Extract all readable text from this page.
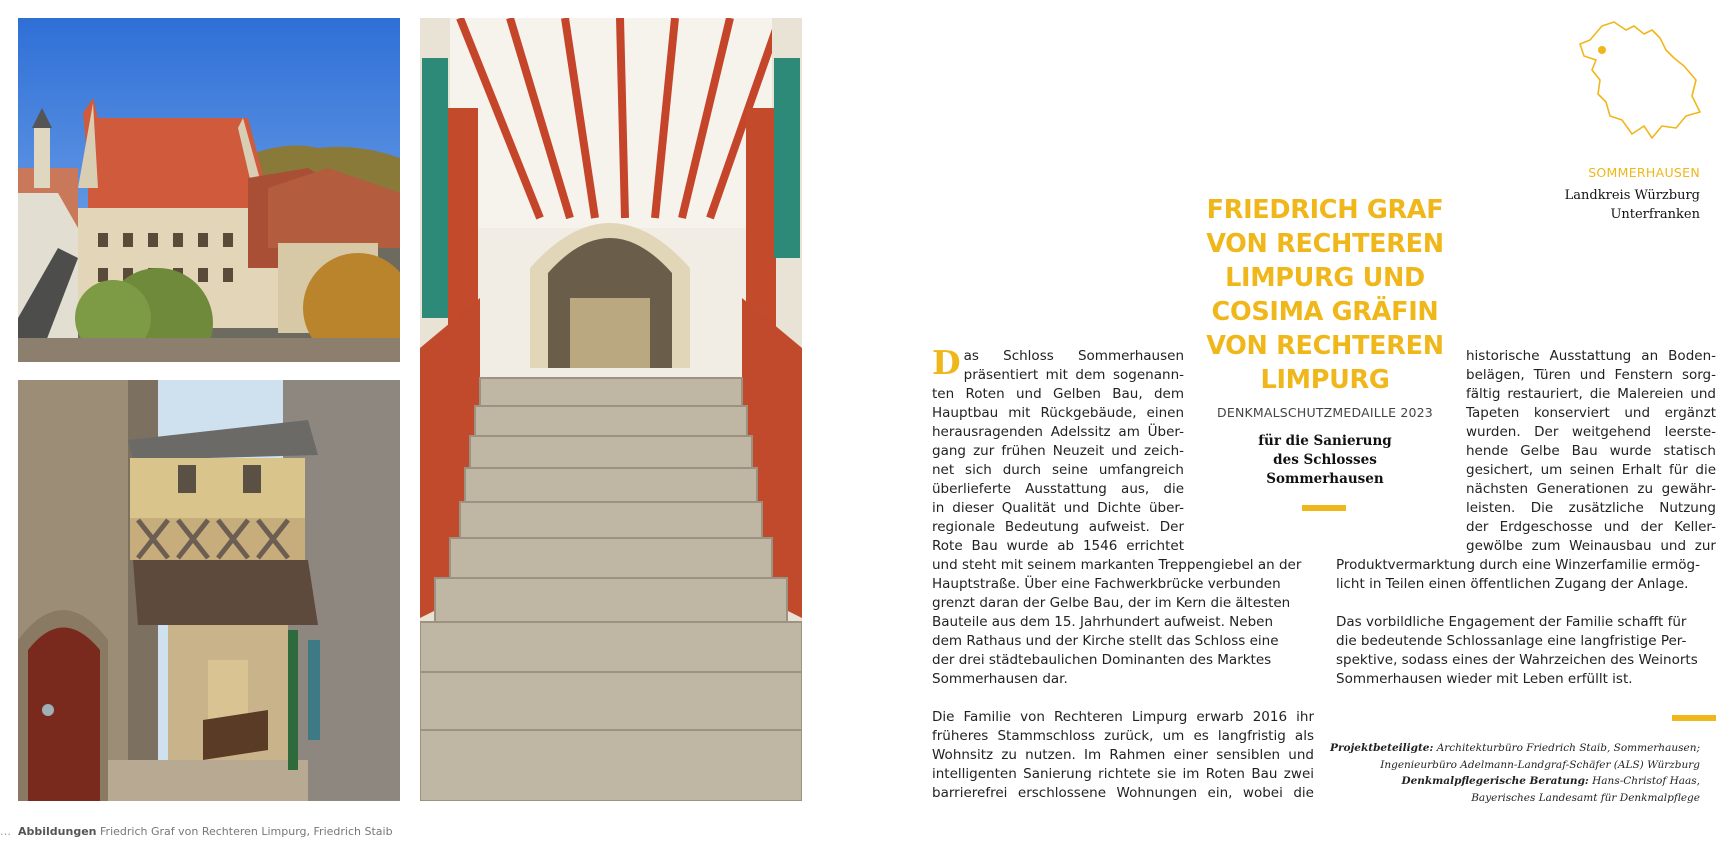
… Abbildungen Friedrich Graf von Rechteren Limpurg, Friedrich Staib
SOMMERHAUSEN
Landkreis Würzburg
Unterfranken
FRIEDRICH GRAF
VON RECHTEREN
LIMPURG UND
COSIMA GRÄFIN
VON RECHTEREN
LIMPURG
DENKMALSCHUTZMEDAILLE 2023
für die Sanierung
des Schlosses
Sommerhausen
D as Schloss Sommerhausen
präsentiert mit dem sogenann-
ten Roten und Gelben Bau, dem
Hauptbau mit Rückgebäude, einen
herausragenden Adelssitz am Über-
gang zur frühen Neuzeit und zeich-
net sich durch seine umfangreich
überlieferte Ausstattung aus, die
in dieser Qualität und Dichte über-
regionale Bedeutung aufweist. Der
Rote Bau wurde ab 1546 errichtet
und steht mit seinem markanten Treppengiebel an der
Hauptstraße. Über eine Fachwerkbrücke verbunden
grenzt daran der Gelbe Bau, der im Kern die ältesten
Bauteile aus dem 15. Jahrhundert aufweist. Neben
dem Rathaus und der Kirche stellt das Schloss eine
der drei städtebaulichen Dominanten des Marktes
Sommerhausen dar.
Die Familie von Rechteren Limpurg erwarb 2016 ihr
früheres Stammschloss zurück, um es langfristig als
Wohnsitz zu nutzen. Im Rahmen einer sensiblen und
intelligenten Sanierung richtete sie im Roten Bau zwei
barrierefrei erschlossene Wohnungen ein, wobei die
historische Ausstattung an Boden-
belägen, Türen und Fenstern sorg-
fältig restauriert, die Malereien und
Tapeten konserviert und ergänzt
wurden. Der weitgehend leerste-
hende Gelbe Bau wurde statisch
gesichert, um seinen Erhalt für die
nächsten Generationen zu gewähr-
leisten. Die zusätzliche Nutzung
der Erdgeschosse und der Keller-
gewölbe zum Weinausbau und zur
Produktvermarktung durch eine Winzerfamilie ermög-
licht in Teilen einen öffentlichen Zugang der Anlage.
Das vorbildliche Engagement der Familie schafft für
die bedeutende Schlossanlage eine langfristige Per-
spektive, sodass eines der Wahrzeichen des Weinorts
Sommerhausen wieder mit Leben erfüllt ist.
Projektbeteiligte: Architekturbüro Friedrich Staib, Sommerhausen;
Ingenieurbüro Adelmann-Landgraf-Schäfer (ALS) Würzburg
Denkmalpflegerische Beratung: Hans-Christof Haas,
Bayerisches Landesamt für Denkmalpflege
